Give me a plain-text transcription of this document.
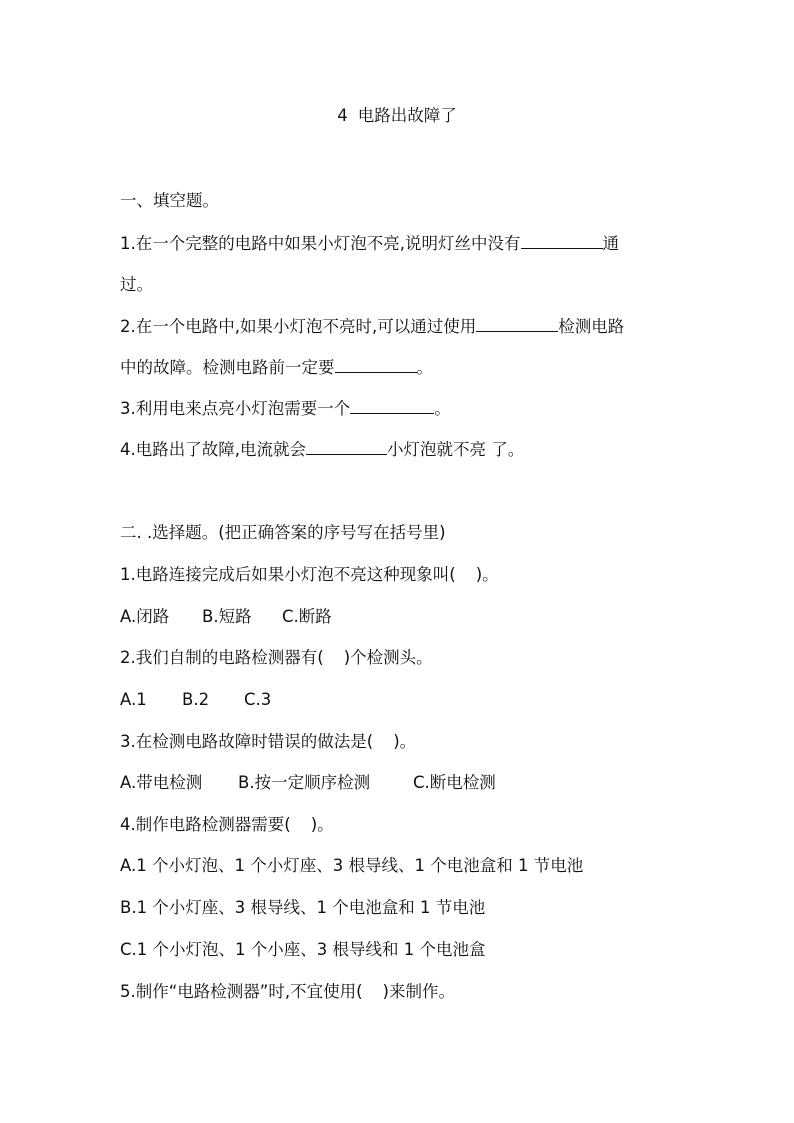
4 电路出故障了
一、填空题。
1.在一个完整的电路中如果小灯泡不亮,说明灯丝中没有	通
过。
2.在一个电路中,如果小灯泡不亮时,可以通过使用	检测电路
中的故障。检测电路前一定要	。
3.利用电来点亮小灯泡需要一个	。
4.电路出了故障,电流就会	小灯泡就不亮 了。
二. .选择题。(把正确答案的序号写在括号里)
1.电路连接完成后如果小灯泡不亮这种现象叫( )。
A.闭路 B.短路 C.断路
2.我们自制的电路检测器有( )个检测头。
A.1 B.2 C.3
3.在检测电路故障时错误的做法是( )。
A.带电检测 B.按一定顺序检测	C.断电检测
4.制作电路检测器需要( )。
A.1 个小灯泡、1 个小灯座、3 根导线、1 个电池盒和 1 节电池
B.1 个小灯座、3 根导线、1 个电池盒和 1 节电池
C.1 个小灯泡、1 个小座、3 根导线和 1 个电池盒
5.制作“电路检测器”时,不宜使用( )来制作。
